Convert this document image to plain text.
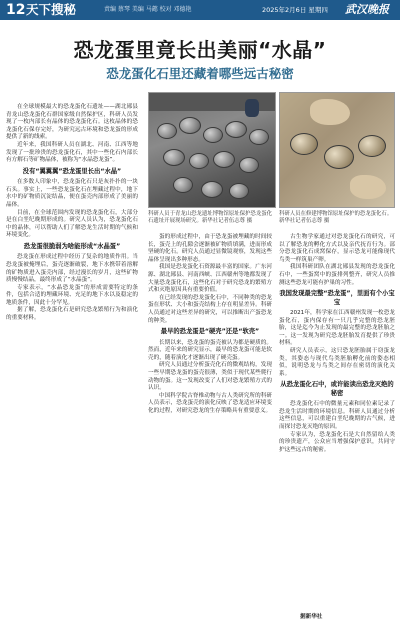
12 天下搜秘	责编 蔡琴 美编 马懿 校对 邓德艳	2025年2月6日 星期四 武汉晚报
恐龙蛋里竟长出美丽“水晶”
恐龙蛋化石里还藏着哪些远古秘密

在全球规模最大的恐龙蛋化石遗址——湖北郧县青龙山恐龙蛋化石群国家级自然保护区，科研人员发现了一枚内部长有晶体的恐龙蛋化石。这枚晶体的恐龙蛋化石保存完好，为研究远古环境和恐龙蛋的形成提供了新的线索。

近年来，我国科研人员在湖北、河南、江西等地发现了一批珍贵的恐龙蛋化石，其中一些化石内部长有方解石等矿物晶体，被称为“水晶恐龙蛋”。

没有“翼翼翼”恐龙蛋里长出“水晶”

在多数人印象中，恐龙蛋化石只是灰扑扑的一块石头。事实上，一些恐龙蛋化石在埋藏过程中，地下水中的矿物质沉淀结晶，便在蛋壳内部形成了美丽的晶体。

目前，在全球范围内发现的恐龙蛋化石，大部分是在白垩纪晚期形成的。研究人员认为，恐龙蛋化石中的晶体，可以帮助人们了解恐龙生活时期的气候和环境变化。

恐龙蛋很脆弱为啥能形成“水晶蛋”

恐龙蛋在形成过程中经历了复杂的地质作用。当恐龙蛋被掩埋后，蛋壳逐渐破裂，地下水携带着溶解的矿物质进入蛋壳内部，经过漫长的岁月，这些矿物质慢慢结晶，最终形成了“水晶蛋”。

专家表示，“水晶恐龙蛋”的形成需要特定的条件，包括合适的埋藏环境、充足的地下水以及稳定的地质条件，因此十分罕见。

据了解，恐龙蛋化石是研究恐龙繁殖行为和演化的重要材料。

科研人员于青龙山恐龙遗址博物馆原址保护恐龙蛋化石遗址开展现场研究。新华社记者伍志尊 摄

科研人员在修建博物馆原址保护的恐龙蛋化石。新华社记者伍志尊 摄

蛋的形成过程中，由于恐龙蛋被埋藏的时间较长，蛋壳上的孔隙会逐渐被矿物质填满，进而形成坚硬的化石。研究人员通过显微镜观察，发现这些晶体呈现出多种形态。

我国是恐龙蛋化石资源最丰富的国家。广东河源、湖北郧县、河南西峡、江西赣州等地都发现了大量恐龙蛋化石，这些化石对于研究恐龙的繁殖方式和灭绝原因具有重要价值。

在已经发现的恐龙蛋化石中，不同种类的恐龙蛋在形状、大小和蛋壳结构上存在明显差异。科研人员通过对这些差异的研究，可以推断出产蛋恐龙的种类。

最早的恐龙蛋是“硬壳”还是“软壳”

长期以来，恐龙蛋的蛋壳被认为都是硬质的。然而，近年来的研究显示，最早的恐龙蛋可能是软壳的，随着演化才逐渐出现了硬壳蛋。

研究人员通过分析蛋壳化石的微观结构，发现一些早期恐龙蛋的蛋壳很薄，类似于现代某些爬行动物的蛋。这一发现改变了人们对恐龙繁殖方式的认识。

中国科学院古脊椎动物与古人类研究所的科研人员表示，恐龙蛋壳的演化反映了恐龙适应环境变化的过程，对研究恐龙的生存策略具有重要意义。

古生物学家通过对恐龙蛋化石的研究，可以了解恐龙的孵化方式以及亲代抚育行为。部分恐龙蛋化石成窝保存，显示恐龙可能像现代鸟类一样筑巢产卵。

我国科研团队在湖北郧县发现的恐龙蛋化石中，一些蛋窝中的蛋排列整齐，研究人员推测这些恐龙可能有护巢的习性。

我国发现最完整“恐龙蛋”，里面有个小宝宝

2021年，科学家在江西赣州发现一枚恐龙蛋化石，蛋内保存有一只几乎完整的恐龙胚胎，这是迄今为止发现的最完整的恐龙胚胎之一。这一发现为研究恐龙胚胎发育提供了珍贵材料。

研究人员表示，这只恐龙胚胎属于窃蛋龙类，其姿态与现代鸟类胚胎孵化前的姿态相似，说明恐龙与鸟类之间存在密切的演化关系。

从恐龙蛋化石中，或许能读出恐龙灭绝的秘密

恐龙蛋化石中的微量元素和同位素记录了恐龙生活时期的环境信息。科研人员通过分析这些信息，可以重建白垩纪晚期的古气候，进而探讨恐龙灭绝的原因。

专家认为，恐龙蛋化石是大自然留给人类的珍贵遗产，公众应当增强保护意识，共同守护这些远古的秘密。

据新华社
